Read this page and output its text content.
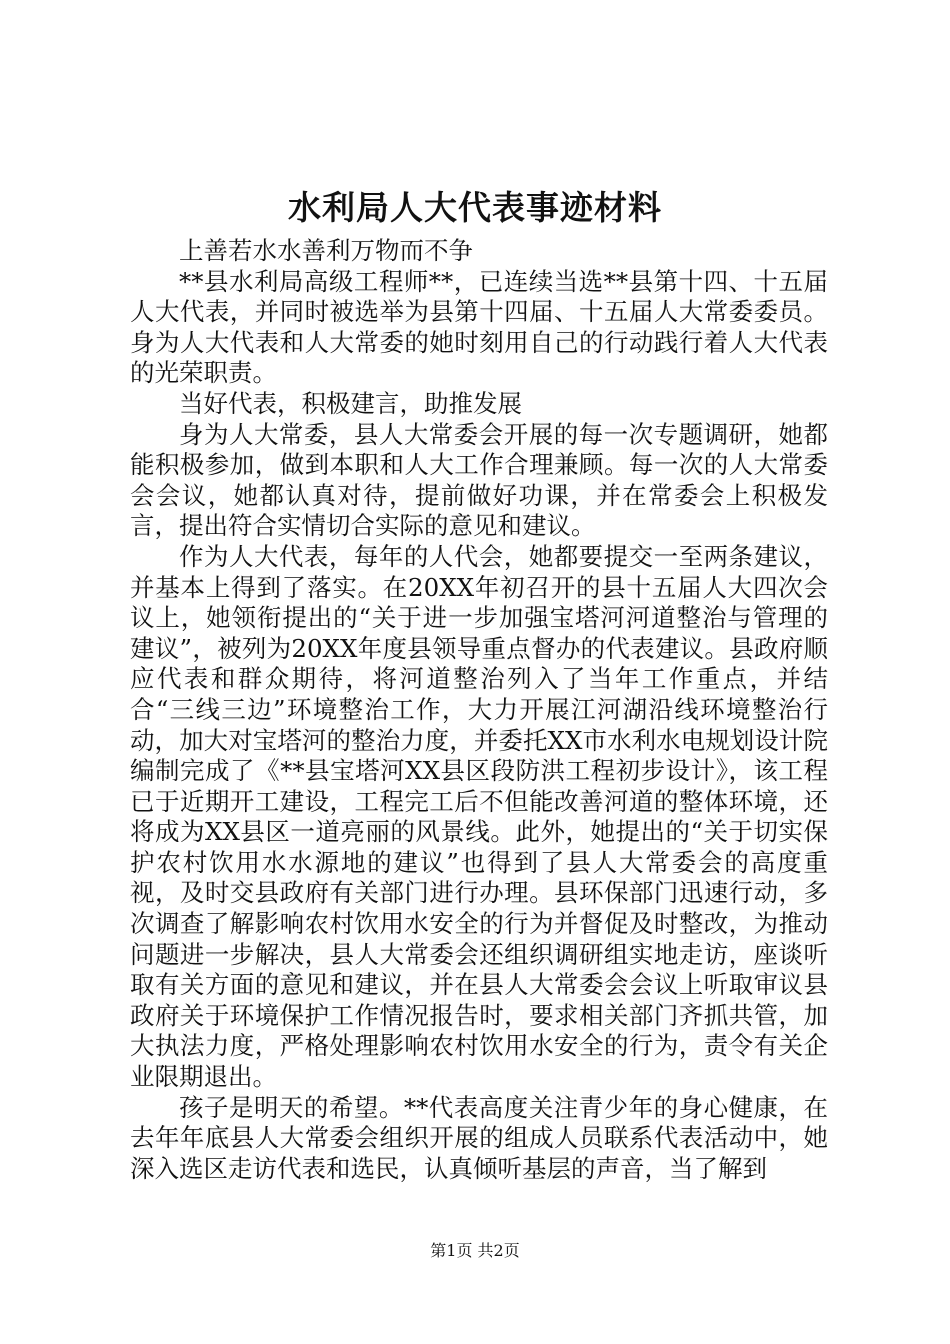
水利局人大代表事迹材料

上善若水水善利万物而不争

**县水利局高级工程师**，已连续当选**县第十四、十五届人大代表，并同时被选举为县第十四届、十五届人大常委委员。身为人大代表和人大常委的她时刻用自己的行动践行着人大代表的光荣职责。

当好代表，积极建言，助推发展

身为人大常委，县人大常委会开展的每一次专题调研，她都能积极参加，做到本职和人大工作合理兼顾。每一次的人大常委会会议，她都认真对待，提前做好功课，并在常委会上积极发言，提出符合实情切合实际的意见和建议。

作为人大代表，每年的人代会，她都要提交一至两条建议，并基本上得到了落实。在20XX年初召开的县十五届人大四次会议上，她领衔提出的“关于进一步加强宝塔河河道整治与管理的建议”，被列为20XX年度县领导重点督办的代表建议。县政府顺应代表和群众期待，将河道整治列入了当年工作重点，并结合“三线三边”环境整治工作，大力开展江河湖沿线环境整治行动，加大对宝塔河的整治力度，并委托XX市水利水电规划设计院编制完成了《**县宝塔河XX县区段防洪工程初步设计》，该工程已于近期开工建设，工程完工后不但能改善河道的整体环境，还将成为XX县区一道亮丽的风景线。此外，她提出的“关于切实保护农村饮用水水源地的建议”也得到了县人大常委会的高度重视，及时交县政府有关部门进行办理。县环保部门迅速行动，多次调查了解影响农村饮用水安全的行为并督促及时整改，为推动问题进一步解决，县人大常委会还组织调研组实地走访，座谈听取有关方面的意见和建议，并在县人大常委会会议上听取审议县政府关于环境保护工作情况报告时，要求相关部门齐抓共管，加大执法力度，严格处理影响农村饮用水安全的行为，责令有关企业限期退出。

孩子是明天的希望。**代表高度关注青少年的身心健康，在去年年底县人大常委会组织开展的组成人员联系代表活动中，她深入选区走访代表和选民，认真倾听基层的声音，当了解到

第1页 共2页
